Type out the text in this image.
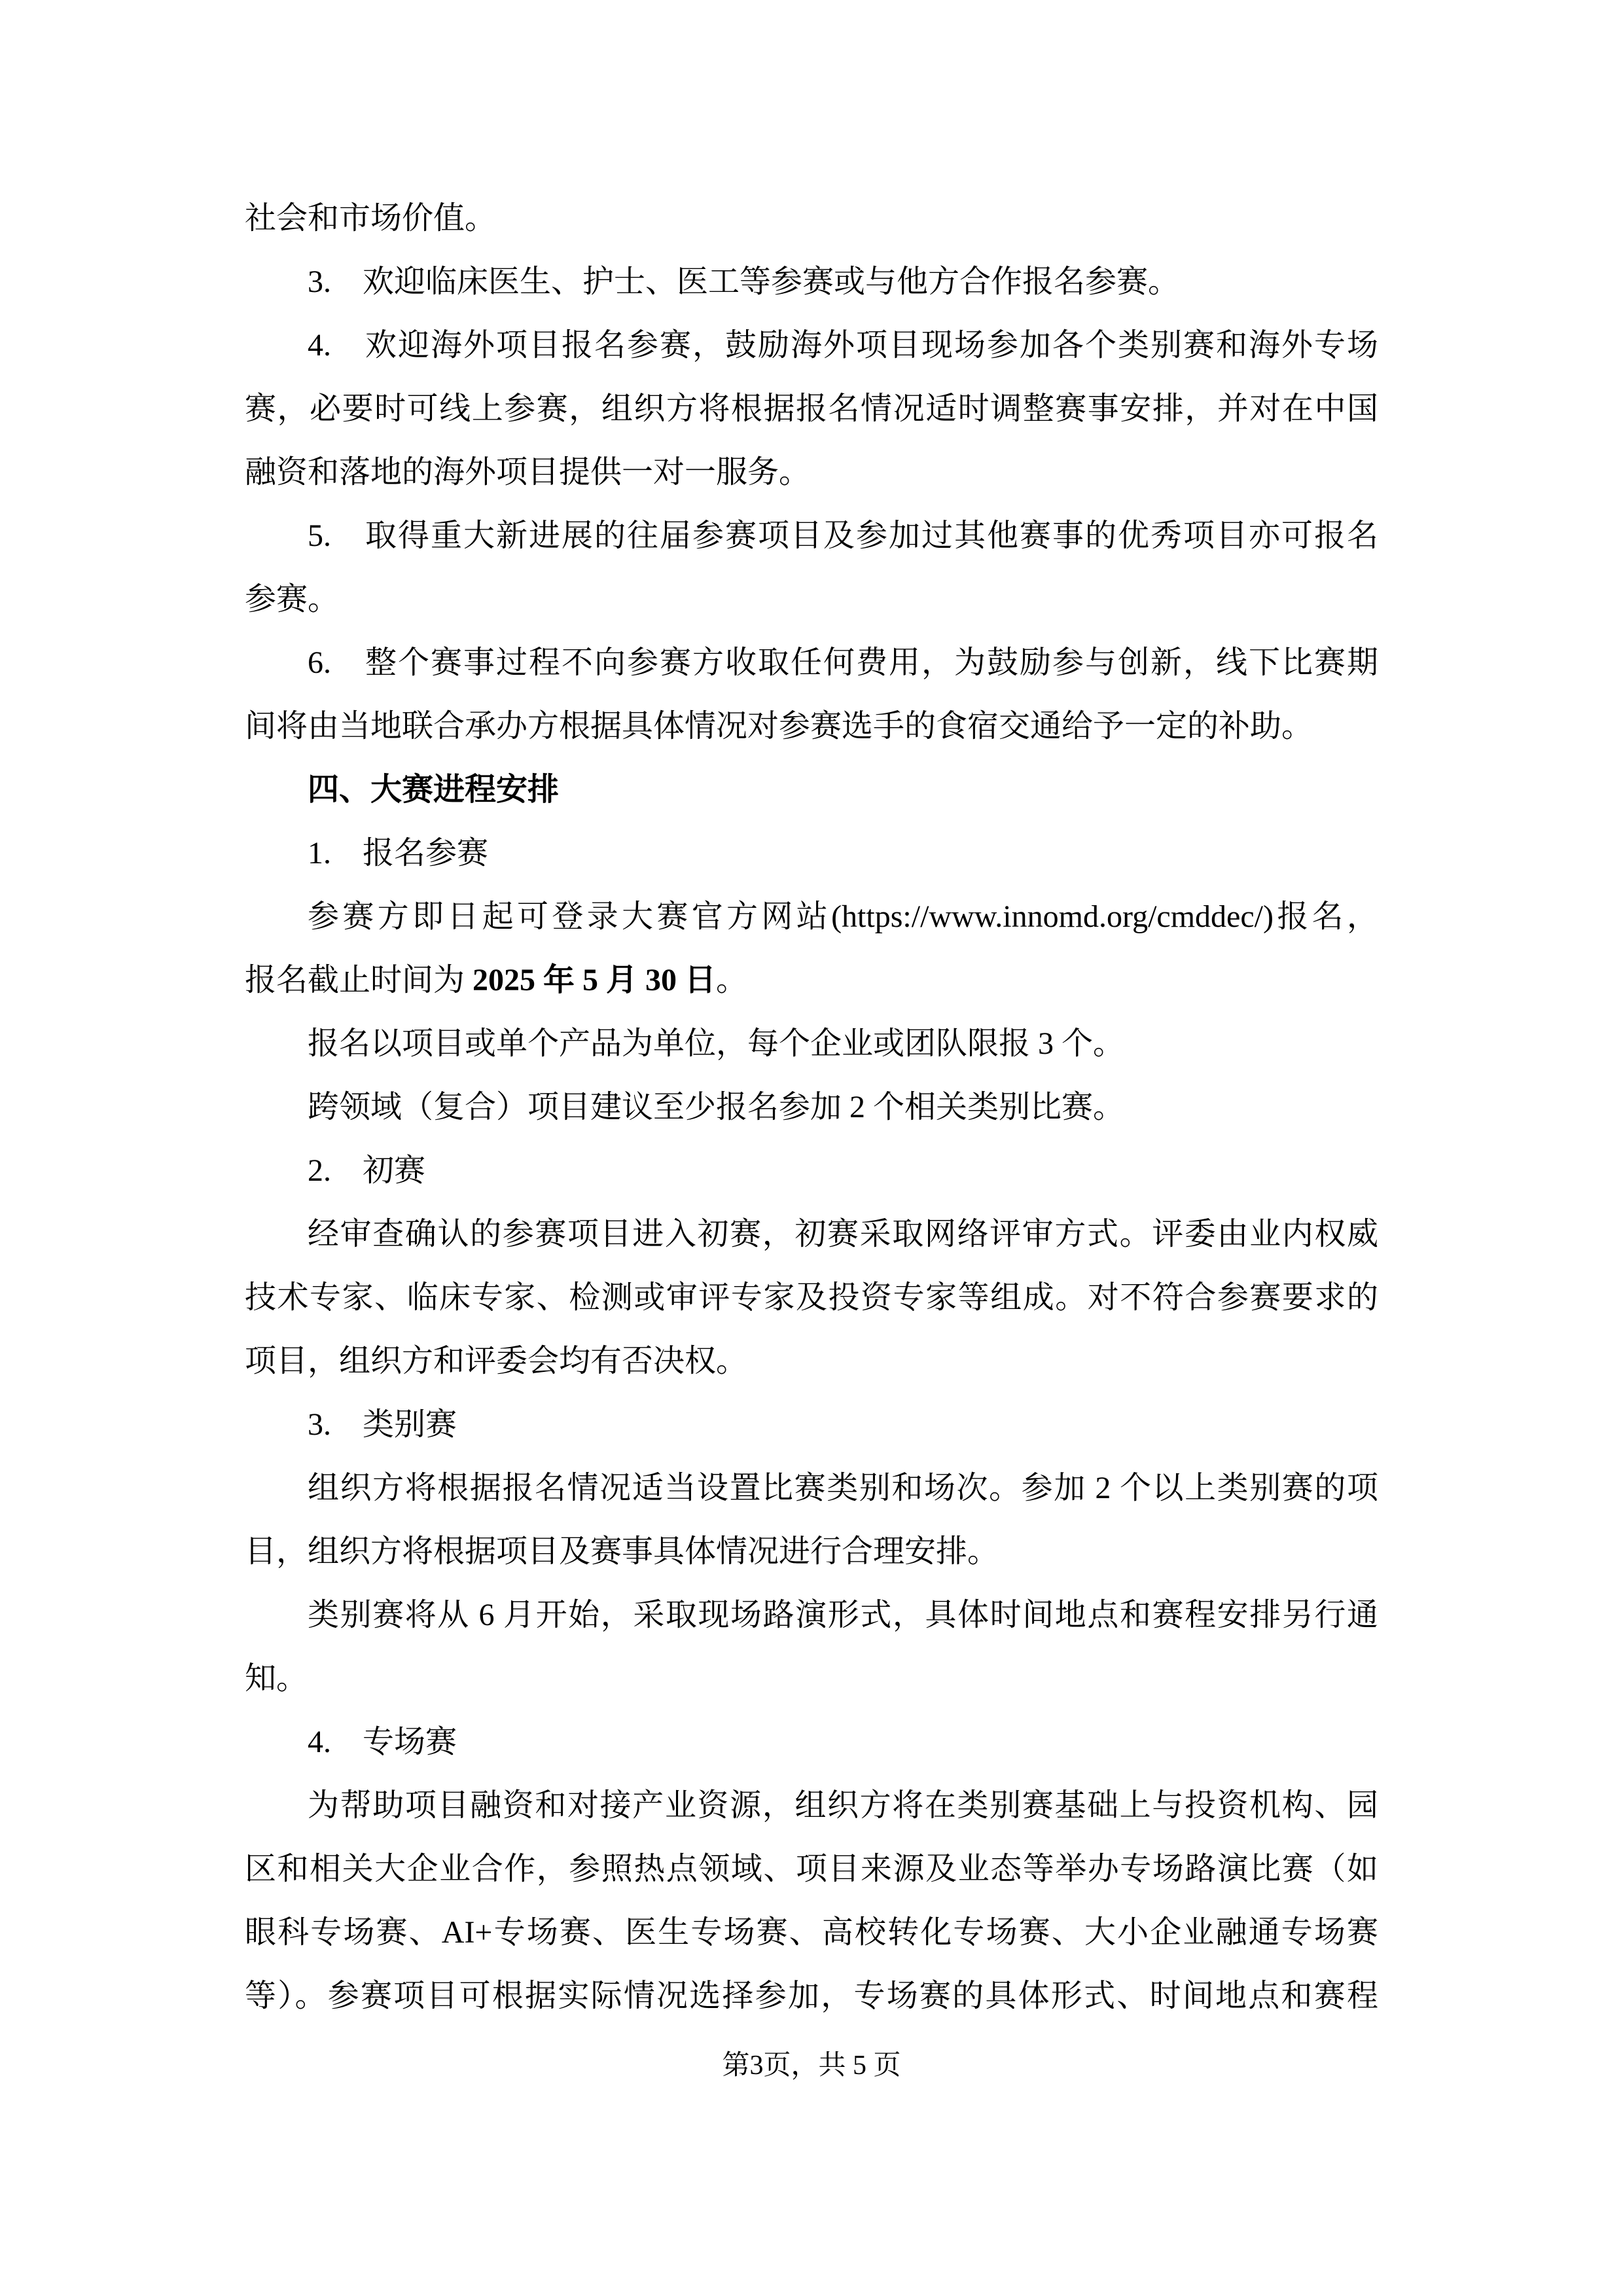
社会和市场价值。
3.　欢迎临床医生、护士、医工等参赛或与他方合作报名参赛。
4.　欢迎海外项目报名参赛，鼓励海外项目现场参加各个类别赛和海外专场
赛，必要时可线上参赛，组织方将根据报名情况适时调整赛事安排，并对在中国
融资和落地的海外项目提供一对一服务。
5.　取得重大新进展的往届参赛项目及参加过其他赛事的优秀项目亦可报名
参赛。
6.　整个赛事过程不向参赛方收取任何费用，为鼓励参与创新，线下比赛期
间将由当地联合承办方根据具体情况对参赛选手的食宿交通给予一定的补助。
四、大赛进程安排
1.　报名参赛
参赛方即日起可登录大赛官方网站(https://www.innomd.org/cmddec/)报名，
报名截止时间为 2025 年 5 月 30 日。
报名以项目或单个产品为单位，每个企业或团队限报 3 个。
跨领域（复合）项目建议至少报名参加 2 个相关类别比赛。
2.　初赛
经审查确认的参赛项目进入初赛，初赛采取网络评审方式。评委由业内权威
技术专家、临床专家、检测或审评专家及投资专家等组成。对不符合参赛要求的
项目，组织方和评委会均有否决权。
3.　类别赛
组织方将根据报名情况适当设置比赛类别和场次。参加 2 个以上类别赛的项
目，组织方将根据项目及赛事具体情况进行合理安排。
类别赛将从 6 月开始，采取现场路演形式，具体时间地点和赛程安排另行通
知。
4.　专场赛
为帮助项目融资和对接产业资源，组织方将在类别赛基础上与投资机构、园
区和相关大企业合作，参照热点领域、项目来源及业态等举办专场路演比赛（如
眼科专场赛、AI+专场赛、医生专场赛、高校转化专场赛、大小企业融通专场赛
等）。参赛项目可根据实际情况选择参加，专场赛的具体形式、时间地点和赛程
第3页，共 5 页
